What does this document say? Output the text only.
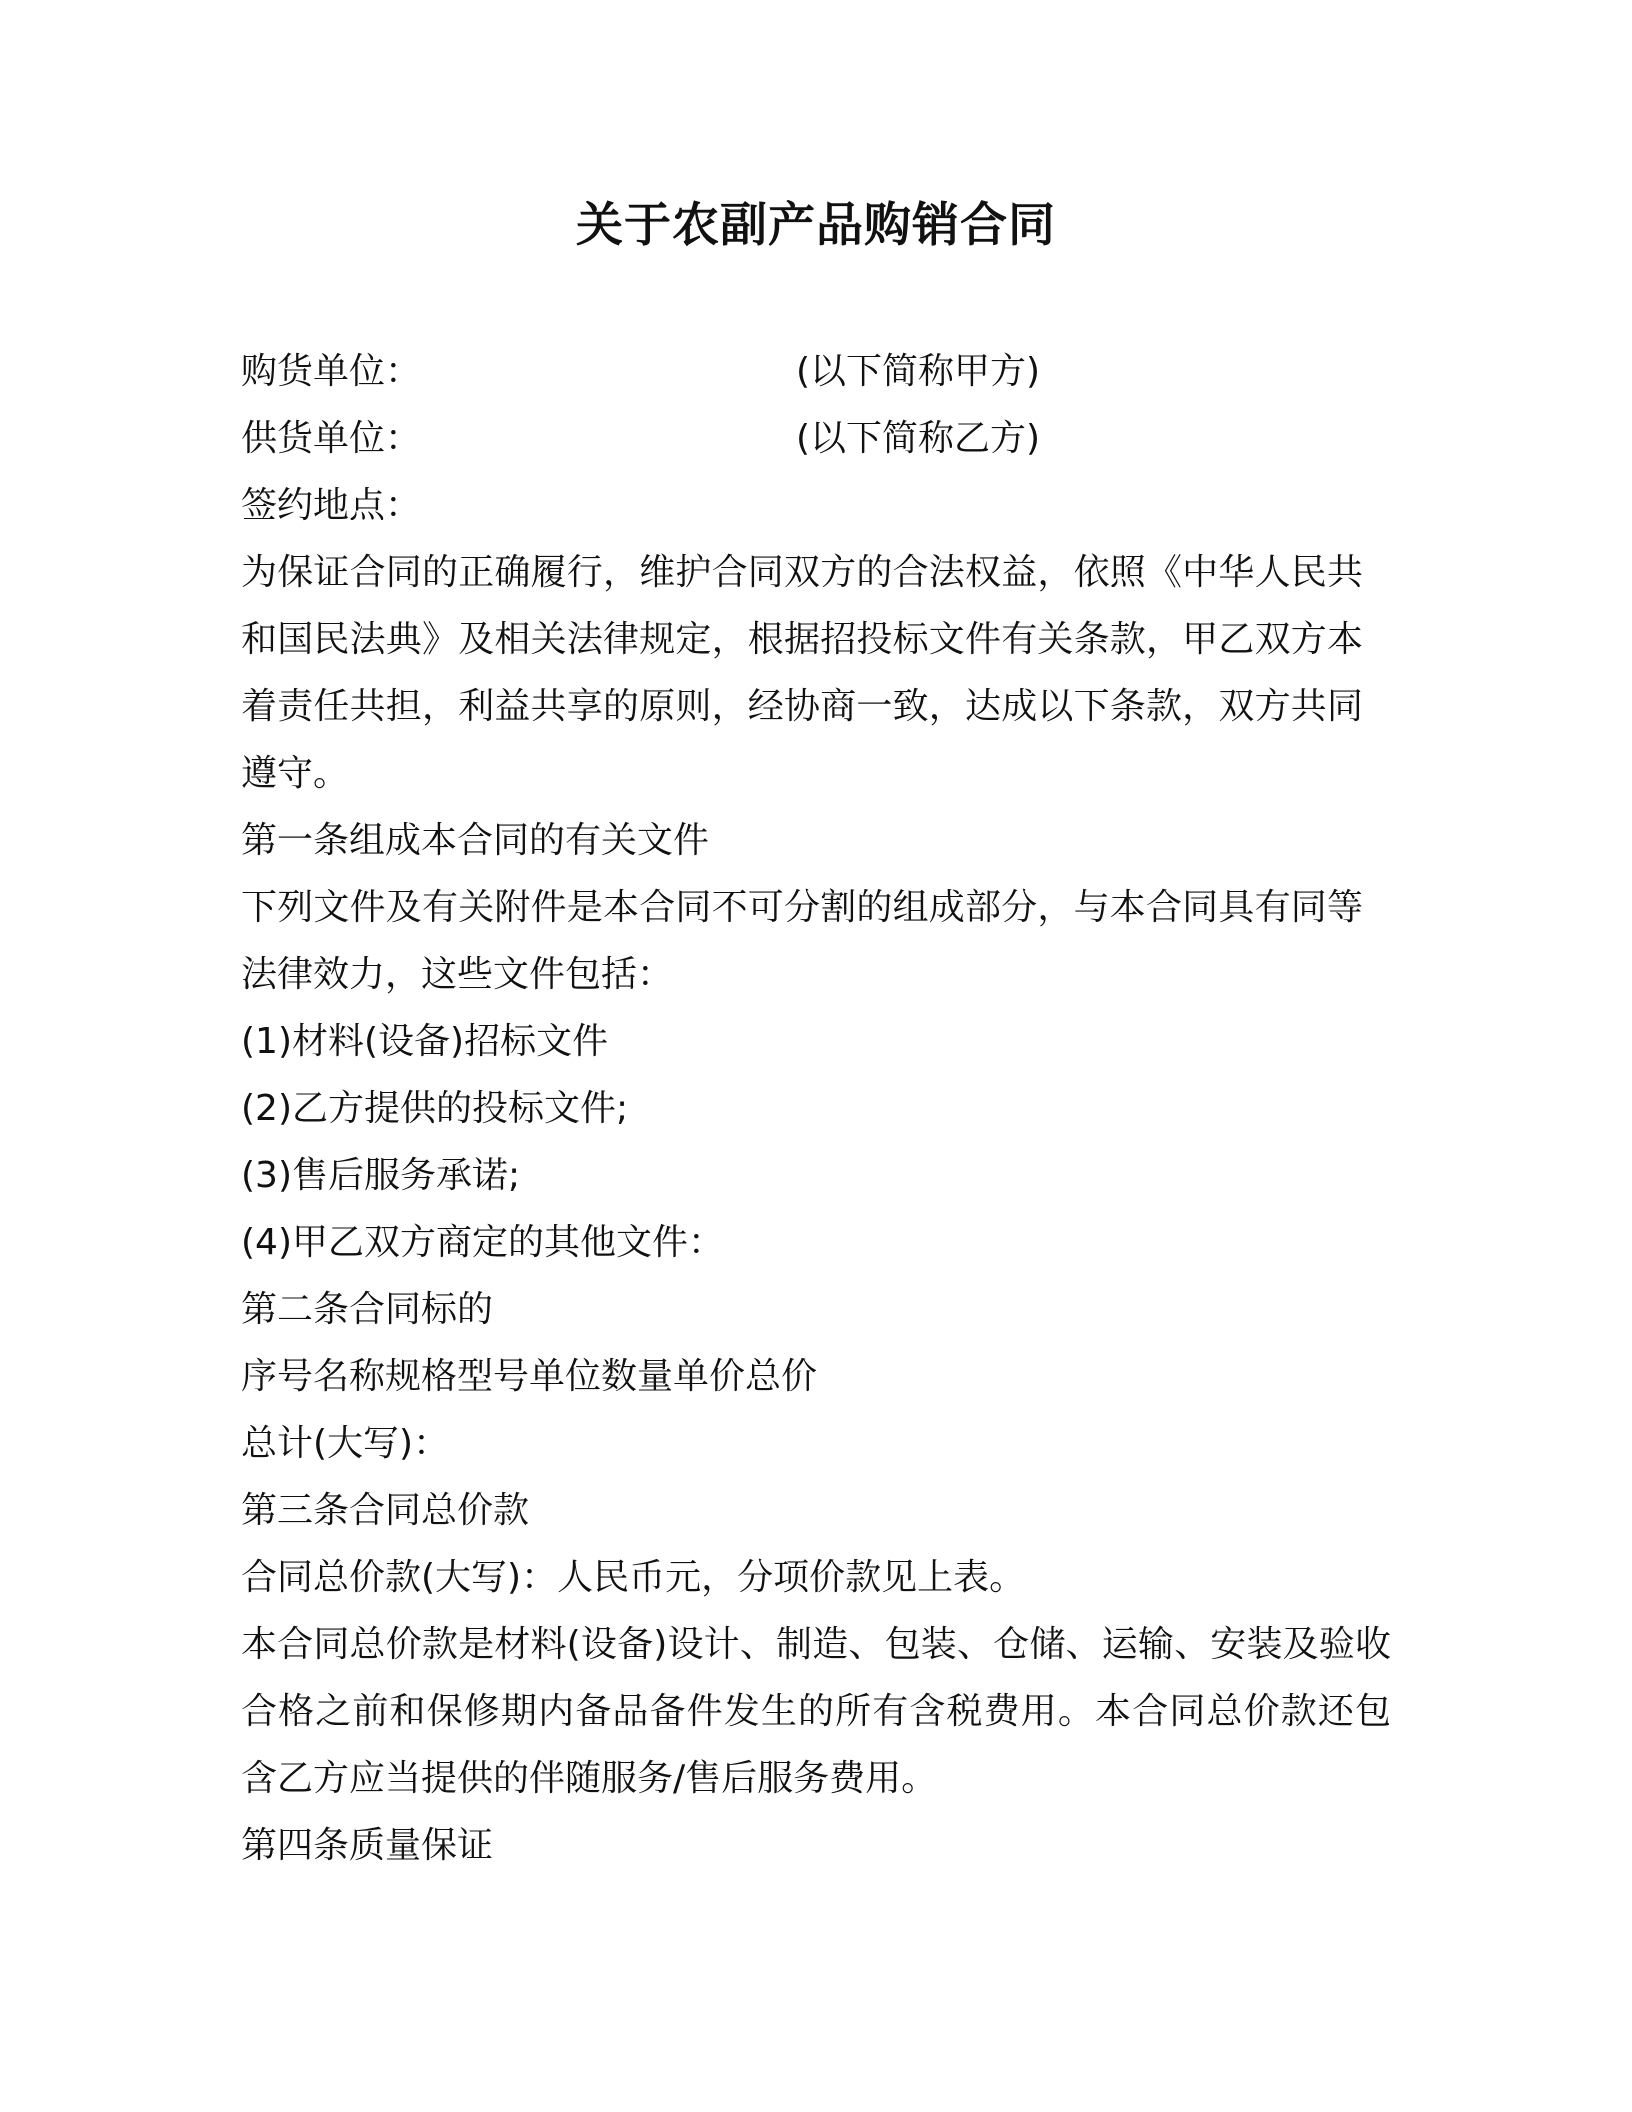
关于农副产品购销合同
购货单位：	(以下简称甲方)
供货单位：	(以下简称乙方)
签约地点：
为保证合同的正确履行，维护合同双方的合法权益，依照《中华人民共和国民法典》及相关法律规定，根据招投标文件有关条款，甲乙双方本着责任共担，利益共享的原则，经协商一致，达成以下条款，双方共同遵守。
第一条组成本合同的有关文件
下列文件及有关附件是本合同不可分割的组成部分，与本合同具有同等法律效力，这些文件包括：
(1)材料(设备)招标文件
(2)乙方提供的投标文件;
(3)售后服务承诺;
(4)甲乙双方商定的其他文件：
第二条合同标的
序号名称规格型号单位数量单价总价
总计(大写)：
第三条合同总价款
合同总价款(大写)：人民币元，分项价款见上表。
本合同总价款是材料(设备)设计、制造、包装、仓储、运输、安装及验收合格之前和保修期内备品备件发生的所有含税费用。本合同总价款还包含乙方应当提供的伴随服务/售后服务费用。
第四条质量保证
